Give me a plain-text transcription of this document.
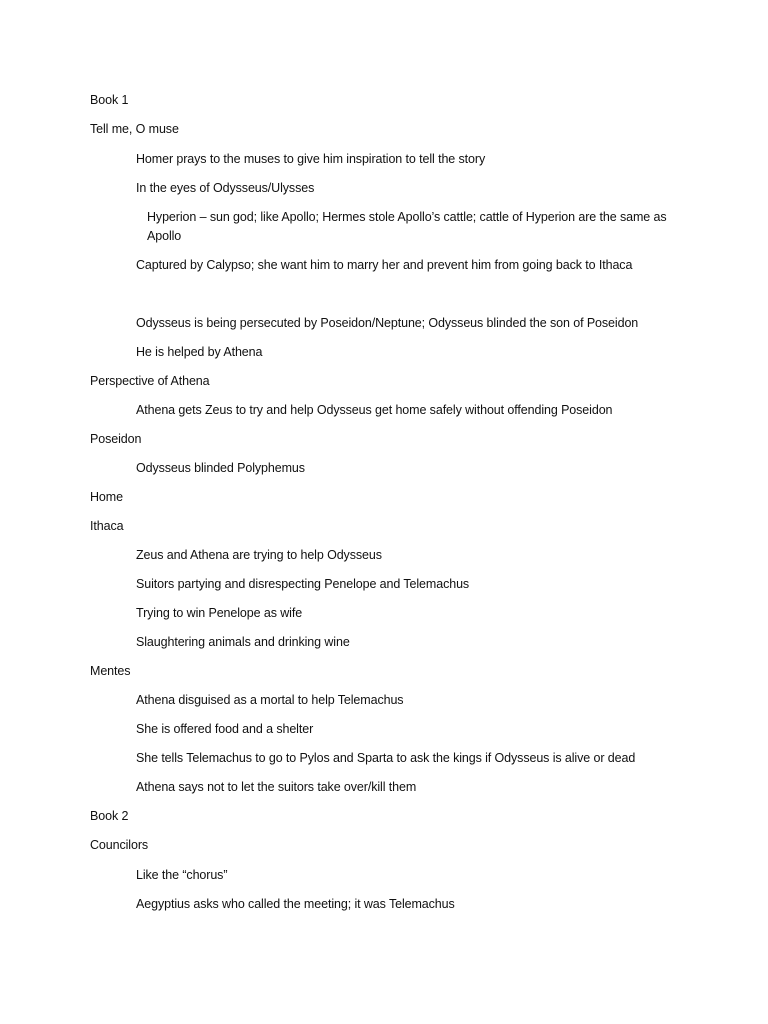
Book 1
Tell me, O muse
Homer prays to the muses to give him inspiration to tell the story
In the eyes of Odysseus/Ulysses
Hyperion – sun god; like Apollo; Hermes stole Apollo’s cattle; cattle of Hyperion are the same as Apollo
Captured by Calypso; she want him to marry her and prevent him from going back to Ithaca
Odysseus is being persecuted by Poseidon/Neptune; Odysseus blinded the son of Poseidon
He is helped by Athena
Perspective of Athena
Athena gets Zeus to try and help Odysseus get home safely without offending Poseidon
Poseidon
Odysseus blinded Polyphemus
Home
Ithaca
Zeus and Athena are trying to help Odysseus
Suitors partying and disrespecting Penelope and Telemachus
Trying to win Penelope as wife
Slaughtering animals and drinking wine
Mentes
Athena disguised as a mortal to help Telemachus
She is offered food and a shelter
She tells Telemachus to go to Pylos and Sparta to ask the kings if Odysseus is alive or dead
Athena says not to let the suitors take over/kill them
Book 2
Councilors
Like the “chorus”
Aegyptius asks who called the meeting; it was Telemachus
